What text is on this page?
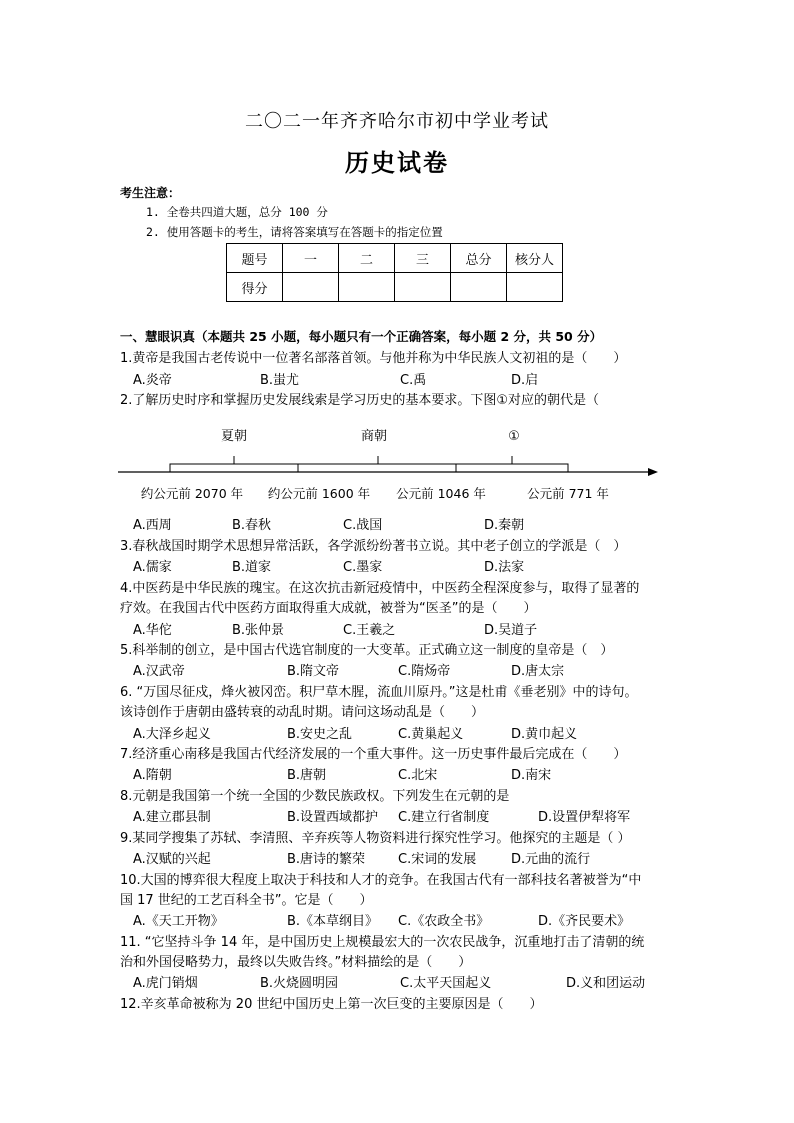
二〇二一年齐齐哈尔市初中学业考试
历史试卷
考生注意：
1. 全卷共四道大题，总分 100 分
2. 使用答题卡的考生，请将答案填写在答题卡的指定位置
题号	一	二	三	总分	核分人
得分					
一、慧眼识真（本题共 25 小题，每小题只有一个正确答案，每小题 2 分，共 50 分）
1.黄帝是我国古老传说中一位著名部落首领。与他并称为中华民族人文初祖的是（　　）
A.炎帝	B.蚩尤	C.禹	D.启
2.了解历史时序和掌握历史发展线索是学习历史的基本要求。下图①对应的朝代是（
夏朝	商朝	①
约公元前 2070 年 约公元前 1600 年 公元前 1046 年	公元前 771 年
A.西周	B.春秋	C.战国	D.秦朝
3.春秋战国时期学术思想异常活跃，各学派纷纷著书立说。其中老子创立的学派是（　）
A.儒家	B.道家	C.墨家	D.法家
4.中医药是中华民族的瑰宝。在这次抗击新冠疫情中，中医药全程深度参与，取得了显著的
疗效。在我国古代中医药方面取得重大成就，被誉为“医圣”的是（　　）
A.华佗	B.张仲景	C.王羲之	D.吴道子
5.科举制的创立，是中国古代选官制度的一大变革。正式确立这一制度的皇帝是（　）
A.汉武帝	B.隋文帝	C.隋炀帝	D.唐太宗
6. “万国尽征戍，烽火被冈峦。积尸草木腥，流血川原丹。”这是杜甫《垂老别》中的诗句。
该诗创作于唐朝由盛转衰的动乱时期。请问这场动乱是（　　）
A.大泽乡起义	B.安史之乱	C.黄巢起义	D.黄巾起义
7.经济重心南移是我国古代经济发展的一个重大事件。这一历史事件最后完成在（　　）
A.隋朝	B.唐朝	C.北宋	D.南宋
8.元朝是我国第一个统一全国的少数民族政权。下列发生在元朝的是
A.建立郡县制	B.设置西域都护 C.建立行省制度	D.设置伊犁将军
9.某同学搜集了苏轼、李清照、辛弃疾等人物资料进行探究性学习。他探究的主题是（ ）
A.汉赋的兴起	B.唐诗的繁荣	C.宋词的发展	D.元曲的流行
10.大国的博弈很大程度上取决于科技和人才的竞争。在我国古代有一部科技名著被誉为“中
国 17 世纪的工艺百科全书”。它是（　　）
A.《天工开物》	B.《本草纲目》 C.《农政全书》	D.《齐民要术》
11. “它坚持斗争 14 年，是中国历史上规模最宏大的一次农民战争，沉重地打击了清朝的统
治和外国侵略势力，最终以失败告终。”材料描绘的是（　　）
A.虎门销烟	B.火烧圆明园	C.太平天国起义	D.义和团运动
12.辛亥革命被称为 20 世纪中国历史上第一次巨变的主要原因是（　　）
